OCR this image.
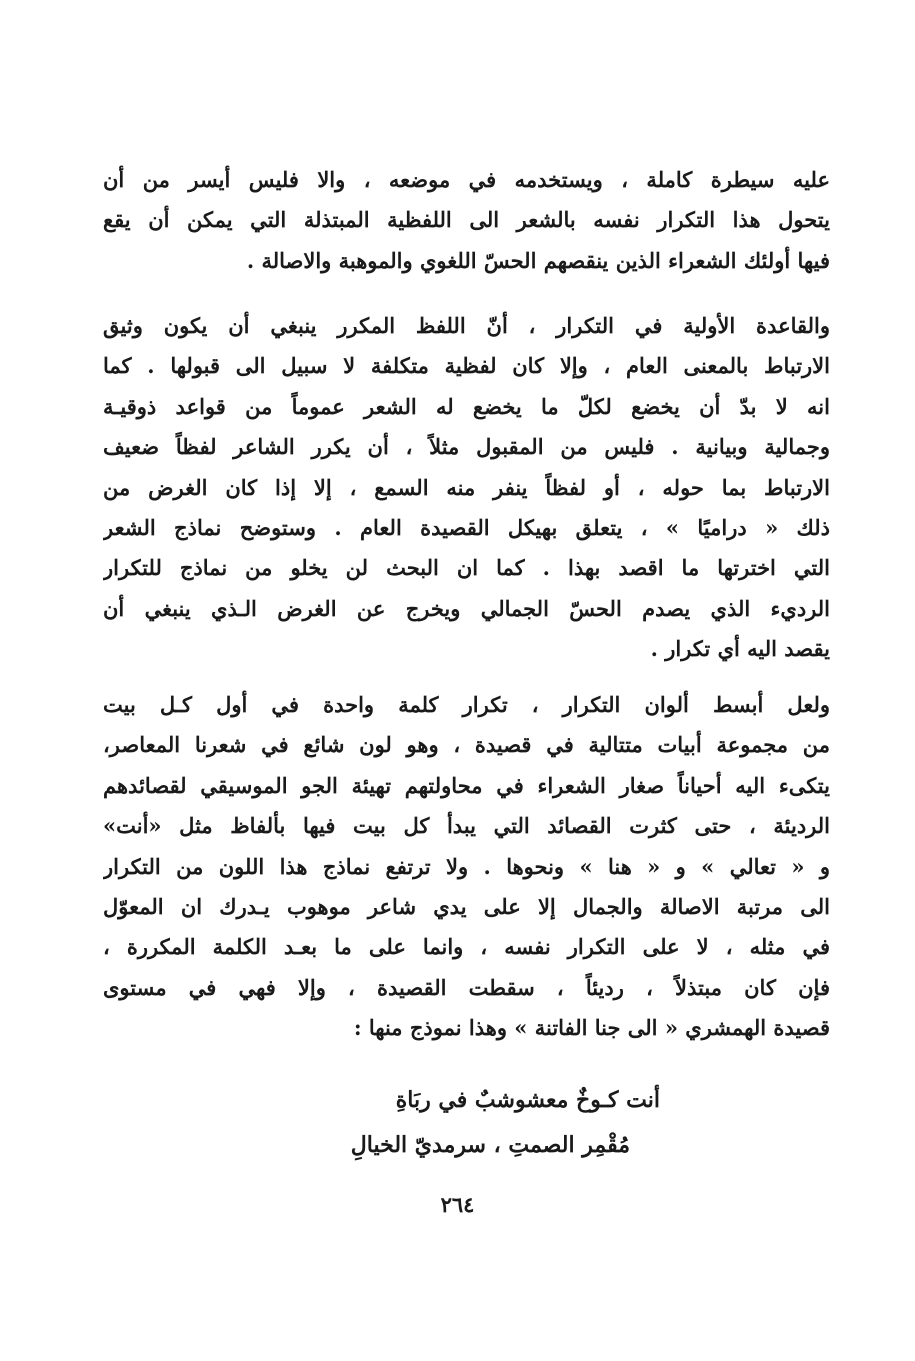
عليه سيطرة كاملة ، ويستخدمه في موضعه ، والا فليس أيسر من أن
يتحول هذا التكرار نفسه بالشعر الى اللفظية المبتذلة التي يمكن أن يقع
فيها أولئك الشعراء الذين ينقصهم الحسّ اللغوي والموهبة والاصالة .
والقاعدة الأولية في التكرار ، أنّ اللفظ المكرر ينبغي أن يكون وثيق
الارتباط بالمعنى العام ، وإلا كان لفظية متكلفة لا سبيل الى قبولها . كما
انه لا بدّ أن يخضع لكلّ ما يخضع له الشعر عموماً من قواعد ذوقيـة
وجمالية وبيانية . فليس من المقبول مثلاً ، أن يكرر الشاعر لفظاً ضعيف
الارتباط بما حوله ، أو لفظاً ينفر منه السمع ، إلا إذا كان الغرض من
ذلك « دراميًا » ، يتعلق بهيكل القصيدة العام . وستوضح نماذج الشعر
التي اخترتها ما اقصد بهذا . كما ان البحث لن يخلو من نماذج للتكرار
الرديء الذي يصدم الحسّ الجمالي ويخرج عن الغرض الـذي ينبغي أن
يقصد اليه أي تكرار .
ولعل أبسط ألوان التكرار ، تكرار كلمة واحدة في أول كـل بيت
من مجموعة أبيات متتالية في قصيدة ، وهو لون شائع في شعرنا المعاصر،
يتكىء اليه أحياناً صغار الشعراء في محاولتهم تهيئة الجو الموسيقي لقصائدهم
الرديئة ، حتى كثرت القصائد التي يبدأ كل بيت فيها بألفاظ مثل «أنت»
و « تعالي » و « هنا » ونحوها . ولا ترتفع نماذج هذا اللون من التكرار
الى مرتبة الاصالة والجمال إلا على يدي شاعر موهوب يـدرك ان المعوّل
في مثله ، لا على التكرار نفسه ، وانما على ما بعـد الكلمة المكررة ،
فإن كان مبتذلاً ، رديئاً ، سقطت القصيدة ، وإلا فهي في مستوى
قصيدة الهمشري « الى جنا الفاتنة » وهذا نموذج منها :
أنت كـوخٌ معشوشبٌ في ربَاةِ
مُقْمِر الصمتِ ، سرمديّ الخيالِ
٢٦٤
